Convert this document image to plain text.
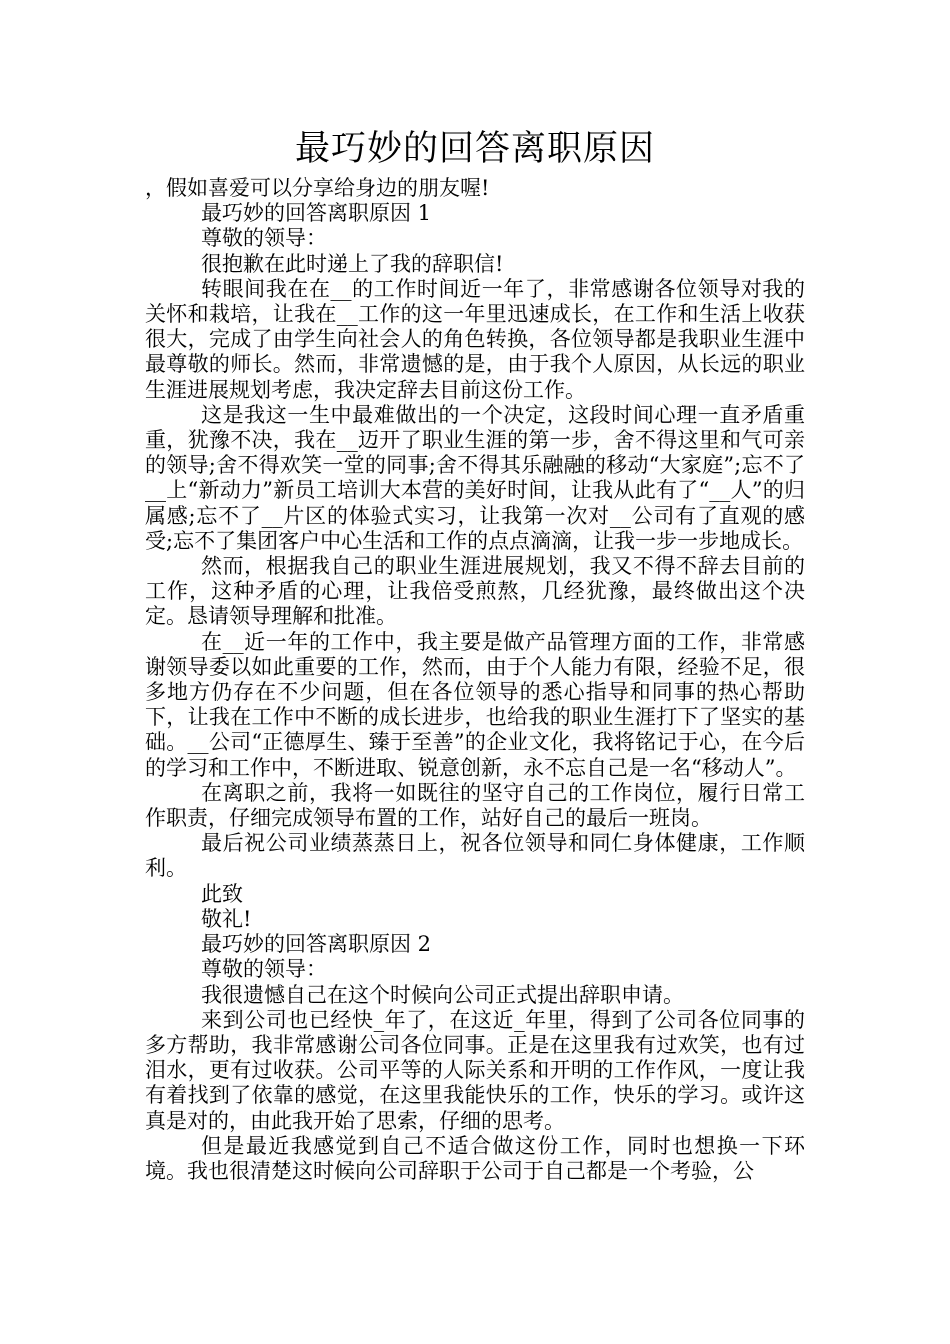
最巧妙的回答离职原因
，假如喜爱可以分享给身边的朋友喔!
最巧妙的回答离职原因 1
尊敬的领导：
很抱歉在此时递上了我的辞职信!

转眼间我在在__的工作时间近一年了，非常感谢各位领导对我的关怀和栽培，让我在__工作的这一年里迅速成长，在工作和生活上收获很大，完成了由学生向社会人的角色转换，各位领导都是我职业生涯中最尊敬的师长。然而，非常遗憾的是，由于我个人原因，从长远的职业生涯进展规划考虑，我决定辞去目前这份工作。

这是我这一生中最难做出的一个决定，这段时间心理一直矛盾重重，犹豫不决，我在__迈开了职业生涯的第一步，舍不得这里和气可亲的领导;舍不得欢笑一堂的同事;舍不得其乐融融的移动“大家庭”;忘不了__上“新动力”新员工培训大本营的美好时间，让我从此有了“__人”的归属感;忘不了__片区的体验式实习，让我第一次对__公司有了直观的感受;忘不了集团客户中心生活和工作的点点滴滴，让我一步一步地成长。

然而，根据我自己的职业生涯进展规划，我又不得不辞去目前的工作，这种矛盾的心理，让我倍受煎熬，几经犹豫，最终做出这个决定。恳请领导理解和批准。

在__近一年的工作中，我主要是做产品管理方面的工作，非常感谢领导委以如此重要的工作，然而，由于个人能力有限，经验不足，很多地方仍存在不少问题，但在各位领导的悉心指导和同事的热心帮助下，让我在工作中不断的成长进步，也给我的职业生涯打下了坚实的基础。__公司“正德厚生、臻于至善”的企业文化，我将铭记于心，在今后的学习和工作中，不断进取、锐意创新，永不忘自己是一名“移动人”。

在离职之前，我将一如既往的坚守自己的工作岗位，履行日常工作职责，仔细完成领导布置的工作，站好自己的最后一班岗。

最后祝公司业绩蒸蒸日上，祝各位领导和同仁身体健康，工作顺利。

此致
敬礼!
最巧妙的回答离职原因 2
尊敬的领导：
我很遗憾自己在这个时候向公司正式提出辞职申请。

来到公司也已经快_年了，在这近_年里，得到了公司各位同事的多方帮助，我非常感谢公司各位同事。正是在这里我有过欢笑，也有过泪水，更有过收获。公司平等的人际关系和开明的工作作风，一度让我有着找到了依靠的感觉，在这里我能快乐的工作，快乐的学习。或许这真是对的，由此我开始了思索，仔细的思考。

但是最近我感觉到自己不适合做这份工作，同时也想换一下环境。我也很清楚这时候向公司辞职于公司于自己都是一个考验，公
